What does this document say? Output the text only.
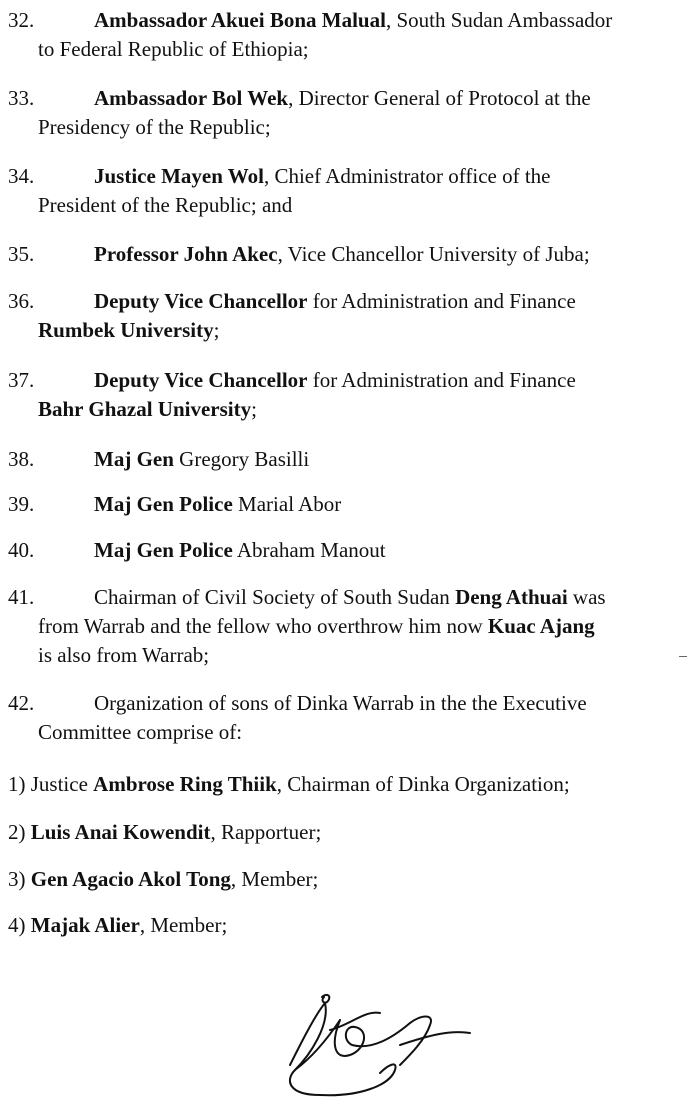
32.	Ambassador Akuei Bona Malual, South Sudan Ambassador
to Federal Republic of Ethiopia;
33.	Ambassador Bol Wek, Director General of Protocol at the
Presidency of the Republic;
34.	Justice Mayen Wol, Chief Administrator office of the
President of the Republic; and
35.	Professor John Akec, Vice Chancellor University of Juba;
36.	Deputy Vice Chancellor for Administration and Finance
Rumbek University;
37.	Deputy Vice Chancellor for Administration and Finance
Bahr Ghazal University;
38.	Maj Gen Gregory Basilli
39.	Maj Gen Police Marial Abor
40.	Maj Gen Police Abraham Manout
41.	Chairman of Civil Society of South Sudan Deng Athuai was
from Warrab and the fellow who overthrow him now Kuac Ajang
is also from Warrab;
42.	Organization of sons of Dinka Warrab in the the Executive
Committee comprise of:
1) Justice Ambrose Ring Thiik, Chairman of Dinka Organization;
2) Luis Anai Kowendit, Rapportuer;
3) Gen Agacio Akol Tong, Member;
4) Majak Alier, Member;
